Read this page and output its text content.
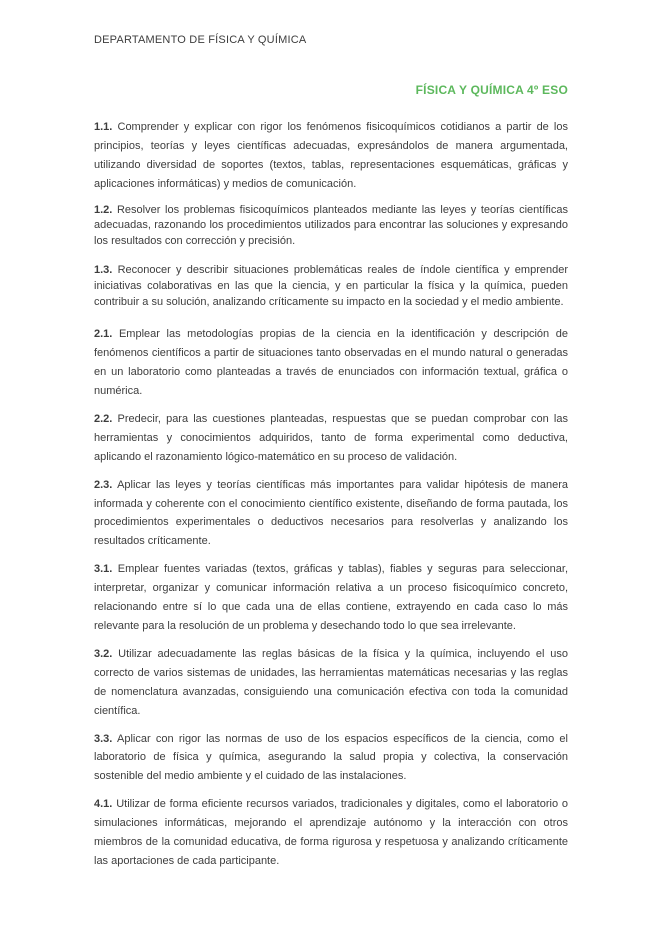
DEPARTAMENTO DE FÍSICA Y QUÍMICA
FÍSICA Y QUÍMICA 4º ESO

1.1. Comprender y explicar con rigor los fenómenos fisicoquímicos cotidianos a partir de los principios, teorías y leyes científicas adecuadas, expresándolos de manera argumentada, utilizando diversidad de soportes (textos, tablas, representaciones esquemáticas, gráficas y aplicaciones informáticas) y medios de comunicación.

1.2. Resolver los problemas fisicoquímicos planteados mediante las leyes y teorías científicas adecuadas, razonando los procedimientos utilizados para encontrar las soluciones y expresando los resultados con corrección y precisión.

1.3. Reconocer y describir situaciones problemáticas reales de índole científica y emprender iniciativas colaborativas en las que la ciencia, y en particular la física y la química, pueden contribuir a su solución, analizando críticamente su impacto en la sociedad y el medio ambiente.

2.1. Emplear las metodologías propias de la ciencia en la identificación y descripción de fenómenos científicos a partir de situaciones tanto observadas en el mundo natural o generadas en un laboratorio como planteadas a través de enunciados con información textual, gráfica o numérica.

2.2. Predecir, para las cuestiones planteadas, respuestas que se puedan comprobar con las herramientas y conocimientos adquiridos, tanto de forma experimental como deductiva, aplicando el razonamiento lógico-matemático en su proceso de validación.

2.3. Aplicar las leyes y teorías científicas más importantes para validar hipótesis de manera informada y coherente con el conocimiento científico existente, diseñando de forma pautada, los procedimientos experimentales o deductivos necesarios para resolverlas y analizando los resultados críticamente.

3.1. Emplear fuentes variadas (textos, gráficas y tablas), fiables y seguras para seleccionar, interpretar, organizar y comunicar información relativa a un proceso fisicoquímico concreto, relacionando entre sí lo que cada una de ellas contiene, extrayendo en cada caso lo más relevante para la resolución de un problema y desechando todo lo que sea irrelevante.

3.2. Utilizar adecuadamente las reglas básicas de la física y la química, incluyendo el uso correcto de varios sistemas de unidades, las herramientas matemáticas necesarias y las reglas de nomenclatura avanzadas, consiguiendo una comunicación efectiva con toda la comunidad científica.

3.3. Aplicar con rigor las normas de uso de los espacios específicos de la ciencia, como el laboratorio de física y química, asegurando la salud propia y colectiva, la conservación sostenible del medio ambiente y el cuidado de las instalaciones.

4.1. Utilizar de forma eficiente recursos variados, tradicionales y digitales, como el laboratorio o simulaciones informáticas, mejorando el aprendizaje autónomo y la interacción con otros miembros de la comunidad educativa, de forma rigurosa y respetuosa y analizando críticamente las aportaciones de cada participante.
